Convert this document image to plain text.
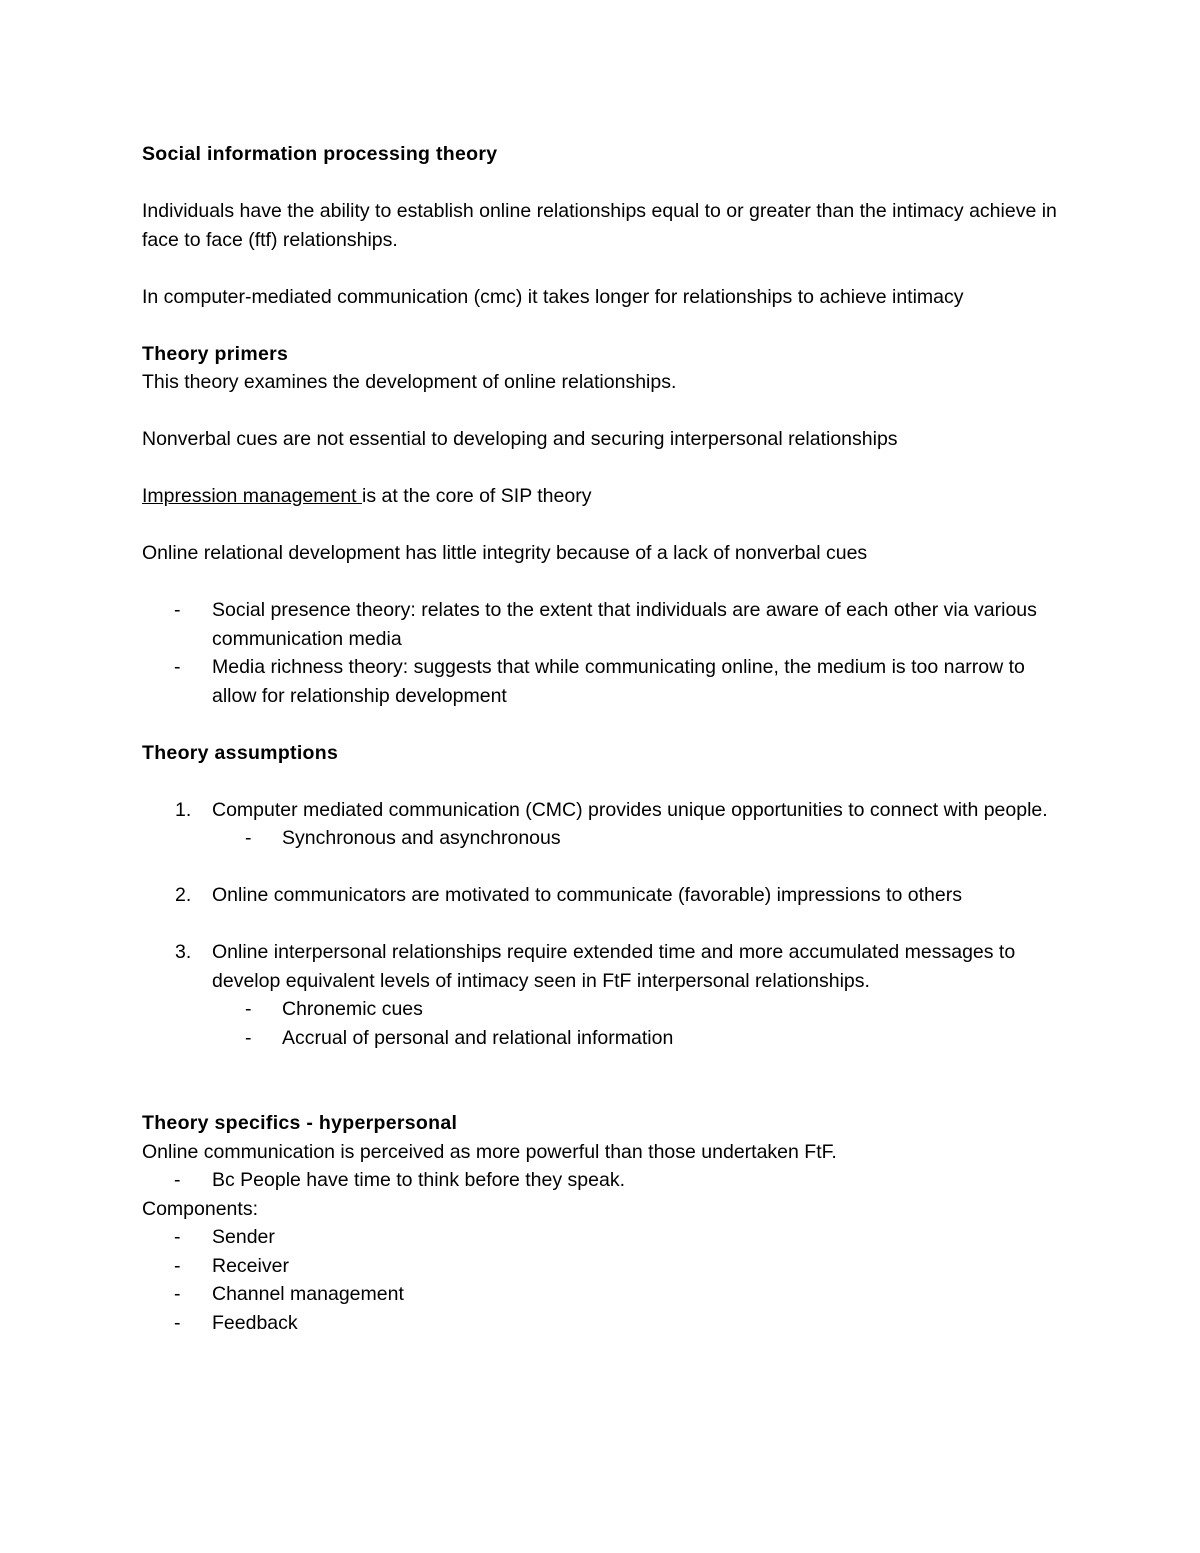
Social information processing theory

Individuals have the ability to establish online relationships equal to or greater than the intimacy achieve in face to face (ftf) relationships.

In computer-mediated communication (cmc) it takes longer for relationships to achieve intimacy

Theory primers

This theory examines the development of online relationships.

Nonverbal cues are not essential to developing and securing interpersonal relationships

Impression management is at the core of SIP theory

Online relational development has little integrity because of a lack of nonverbal cues

- Social presence theory: relates to the extent that individuals are aware of each other via various communication media
- Media richness theory: suggests that while communicating online, the medium is too narrow to allow for relationship development

Theory assumptions

1. Computer mediated communication (CMC) provides unique opportunities to connect with people.
- Synchronous and asynchronous
2. Online communicators are motivated to communicate (favorable) impressions to others
3. Online interpersonal relationships require extended time and more accumulated messages to develop equivalent levels of intimacy seen in FtF interpersonal relationships.
- Chronemic cues
- Accrual of personal and relational information

Theory specifics - hyperpersonal

Online communication is perceived as more powerful than those undertaken FtF.

- Bc People have time to think before they speak.

Components:

- Sender
- Receiver
- Channel management
- Feedback
